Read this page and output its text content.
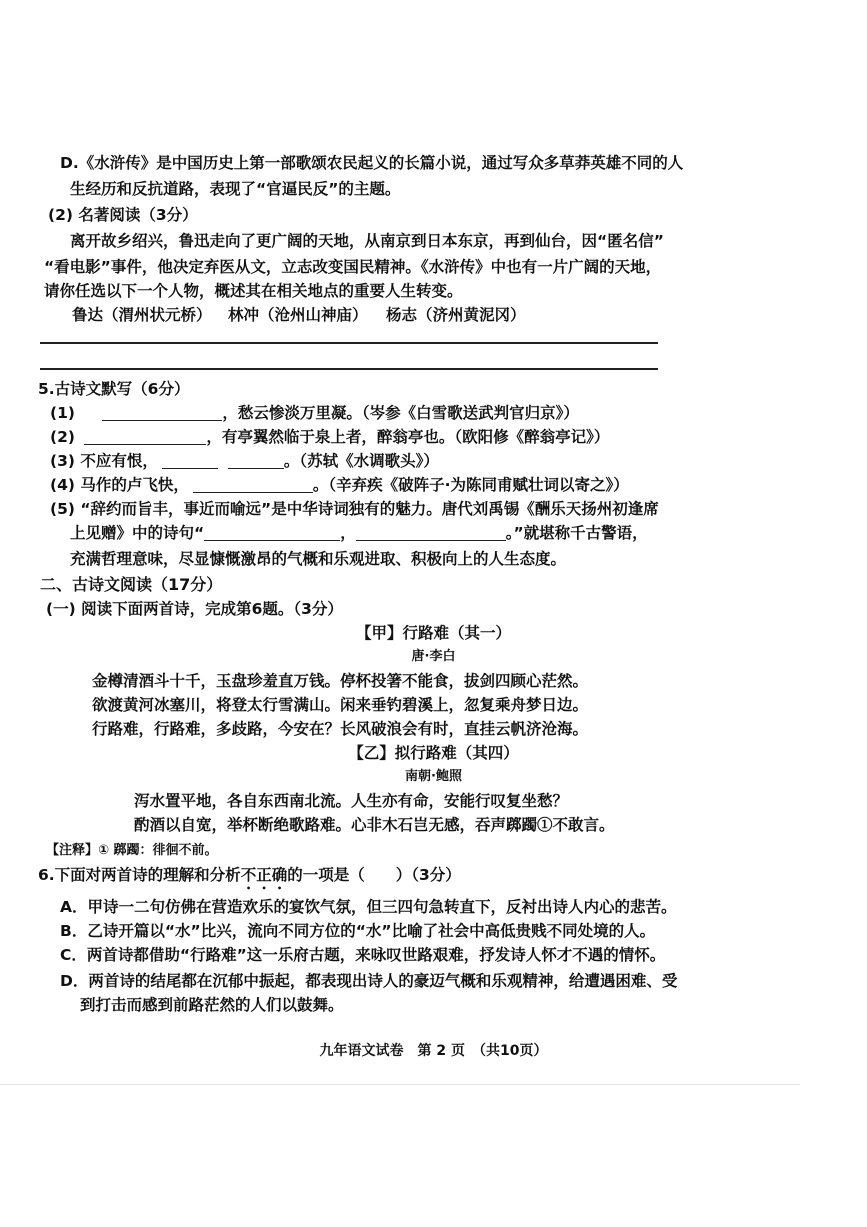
D.《水浒传》是中国历史上第一部歌颂农民起义的长篇小说，通过写众多草莽英雄不同的人
生经历和反抗道路，表现了“官逼民反”的主题。
(2) 名著阅读（3分）
离开故乡绍兴，鲁迅走向了更广阔的天地，从南京到日本东京，再到仙台，因“匿名信”
“看电影”事件，他决定弃医从文，立志改变国民精神。《水浒传》中也有一片广阔的天地，
请你任选以下一个人物，概述其在相关地点的重要人生转变。
鲁达（渭州状元桥） 林冲（沧州山神庙） 杨志（济州黄泥冈）
5.古诗文默写（6分）
(1)	，愁云惨淡万里凝。（岑参《白雪歌送武判官归京》）
(2)	，有亭翼然临于泉上者，醉翁亭也。（欧阳修《醉翁亭记》）
(3) 不应有恨，	。（苏轼《水调歌头》）
(4) 马作的卢飞快，	。（辛弃疾《破阵子·为陈同甫赋壮词以寄之》）
(5) “辞约而旨丰，事近而喻远”是中华诗词独有的魅力。唐代刘禹锡《酬乐天扬州初逢席
上见赠》中的诗句“	，	。”就堪称千古警语，
充满哲理意味，尽显慷慨激昂的气概和乐观进取、积极向上的人生态度。
二、古诗文阅读（17分）
(一) 阅读下面两首诗，完成第6题。（3分）
【甲】行路难（其一）
唐·李白
金樽清酒斗十千，玉盘珍羞直万钱。停杯投箸不能食，拔剑四顾心茫然。
欲渡黄河冰塞川，将登太行雪满山。闲来垂钓碧溪上，忽复乘舟梦日边。
行路难，行路难，多歧路，今安在？长风破浪会有时，直挂云帆济沧海。
【乙】拟行路难（其四）
南朝·鲍照
泻水置平地，各自东西南北流。人生亦有命，安能行叹复坐愁？
酌酒以自宽，举杯断绝歌路难。心非木石岂无感，吞声踯躅①不敢言。
【注释】① 踯躅：徘徊不前。
6.下面对两首诗的理解和分析不正确的一项是（　　）（3分）
A．甲诗一二句仿佛在营造欢乐的宴饮气氛，但三四句急转直下，反衬出诗人内心的悲苦。
B．乙诗开篇以“水”比兴，流向不同方位的“水”比喻了社会中高低贵贱不同处境的人。
C．两首诗都借助“行路难”这一乐府古题，来咏叹世路艰难，抒发诗人怀才不遇的情怀。
D．两首诗的结尾都在沉郁中振起，都表现出诗人的豪迈气概和乐观精神，给遭遇困难、受
到打击而感到前路茫然的人们以鼓舞。
九年语文试卷　第 2 页　（共10页）
